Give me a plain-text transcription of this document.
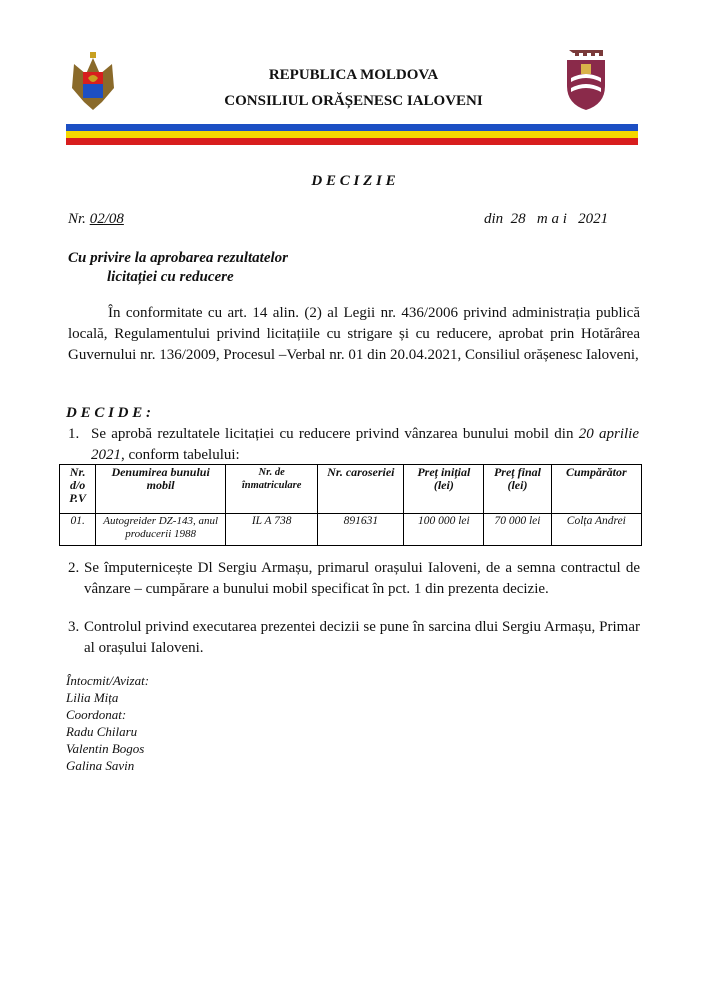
REPUBLICA MOLDOVA
CONSILIUL ORĂȘENESC IALOVENI
D E C I Z I E
Nr. 02/08	din  28   m a i   2021
Cu privire la aprobarea rezultatelor
licitației cu reducere
În conformitate cu art. 14 alin. (2) al Legii nr. 436/2006 privind administrația publică locală, Regulamentului privind licitațiile cu strigare și cu reducere, aprobat prin Hotărârea Guvernului nr. 136/2009, Procesul –Verbal nr. 01 din 20.04.2021, Consiliul orășenesc Ialoveni,
D E C I D E :
1. Se aprobă rezultatele licitației cu reducere privind vânzarea bunului mobil din 20 aprilie 2021, conform tabelului:
Nr. d/o P.V	Denumirea bunului mobil	Nr. de înmatriculare	Nr. caroseriei	Preț inițial (lei)	Preț final (lei)	Cumpărător
01.	Autogreider DZ-143, anul producerii 1988	IL A 738	891631	100 000 lei	70 000 lei	Colța Andrei
2. Se împuternicește Dl Sergiu Armașu, primarul orașului Ialoveni, de a semna contractul de vânzare – cumpărare a bunului mobil specificat în pct. 1 din prezenta decizie.
3. Controlul privind executarea prezentei decizii se pune în sarcina dlui Sergiu Armașu, Primar al orașului Ialoveni.
Întocmit/Avizat:
Lilia Mița
Coordonat:
Radu Chilaru
Valentin Bogos
Galina Savin
